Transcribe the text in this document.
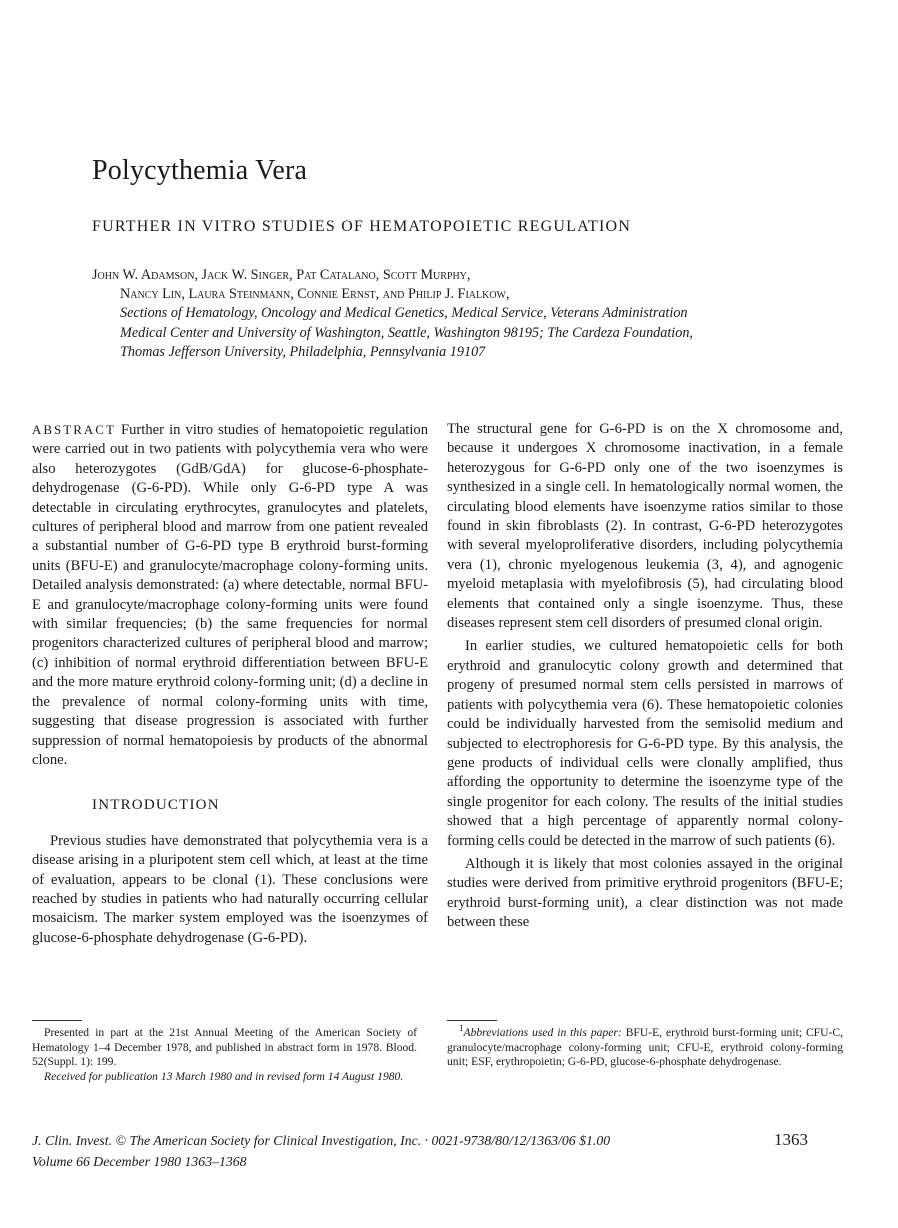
Polycythemia Vera
FURTHER IN VITRO STUDIES OF HEMATOPOIETIC REGULATION
John W. Adamson, Jack W. Singer, Pat Catalano, Scott Murphy,
Nancy Lin, Laura Steinmann, Connie Ernst, and Philip J. Fialkow,
Sections of Hematology, Oncology and Medical Genetics, Medical Service, Veterans Administration Medical Center and University of Washington, Seattle, Washington 98195; The Cardeza Foundation, Thomas Jefferson University, Philadelphia, Pennsylvania 19107

ABSTRACT Further in vitro studies of hematopoietic regulation were carried out in two patients with polycythemia vera who were also heterozygotes (GdB/GdA) for glucose-6-phosphate-dehydrogenase (G-6-PD). While only G-6-PD type A was detectable in circulating erythrocytes, granulocytes and platelets, cultures of peripheral blood and marrow from one patient revealed a substantial number of G-6-PD type B erythroid burst-forming units (BFU-E) and granulocyte/macrophage colony-forming units. Detailed analysis demonstrated: (a) where detectable, normal BFU-E and granulocyte/macrophage colony-forming units were found with similar frequencies; (b) the same frequencies for normal progenitors characterized cultures of peripheral blood and marrow; (c) inhibition of normal erythroid differentiation between BFU-E and the more mature erythroid colony-forming unit; (d) a decline in the prevalence of normal colony-forming units with time, suggesting that disease progression is associated with further suppression of normal hematopoiesis by products of the abnormal clone.

INTRODUCTION

Previous studies have demonstrated that polycythemia vera is a disease arising in a pluripotent stem cell which, at least at the time of evaluation, appears to be clonal (1). These conclusions were reached by studies in patients who had naturally occurring cellular mosaicism. The marker system employed was the isoenzymes of glucose-6-phosphate dehydrogenase (G-6-PD).

The structural gene for G-6-PD is on the X chromosome and, because it undergoes X chromosome inactivation, in a female heterozygous for G-6-PD only one of the two isoenzymes is synthesized in a single cell. In hematologically normal women, the circulating blood elements have isoenzyme ratios similar to those found in skin fibroblasts (2). In contrast, G-6-PD heterozygotes with several myeloproliferative disorders, including polycythemia vera (1), chronic myelogenous leukemia (3, 4), and agnogenic myeloid metaplasia with myelofibrosis (5), had circulating blood elements that contained only a single isoenzyme. Thus, these diseases represent stem cell disorders of presumed clonal origin.

In earlier studies, we cultured hematopoietic cells for both erythroid and granulocytic colony growth and determined that progeny of presumed normal stem cells persisted in marrows of patients with polycythemia vera (6). These hematopoietic colonies could be individually harvested from the semisolid medium and subjected to electrophoresis for G-6-PD type. By this analysis, the gene products of individual cells were clonally amplified, thus affording the opportunity to determine the isoenzyme type of the single progenitor for each colony. The results of the initial studies showed that a high percentage of apparently normal colony-forming cells could be detected in the marrow of such patients (6).

Although it is likely that most colonies assayed in the original studies were derived from primitive erythroid progenitors (BFU-E; erythroid burst-forming unit), a clear distinction was not made between these

Presented in part at the 21st Annual Meeting of the American Society of Hematology 1–4 December 1978, and published in abstract form in 1978. Blood. 52(Suppl. 1): 199.

Received for publication 13 March 1980 and in revised form 14 August 1980.

$^1$Abbreviations used in this paper: BFU-E, erythroid burst-forming unit; CFU-C, granulocyte/macrophage colony-forming unit; CFU-E, erythroid colony-forming unit; ESF, erythropoietin; G-6-PD, glucose-6-phosphate dehydrogenase.

J. Clin. Invest. © The American Society for Clinical Investigation, Inc. · 0021-9738/80/12/1363/06 $1.00
Volume 66 December 1980 1363–1368
1363
